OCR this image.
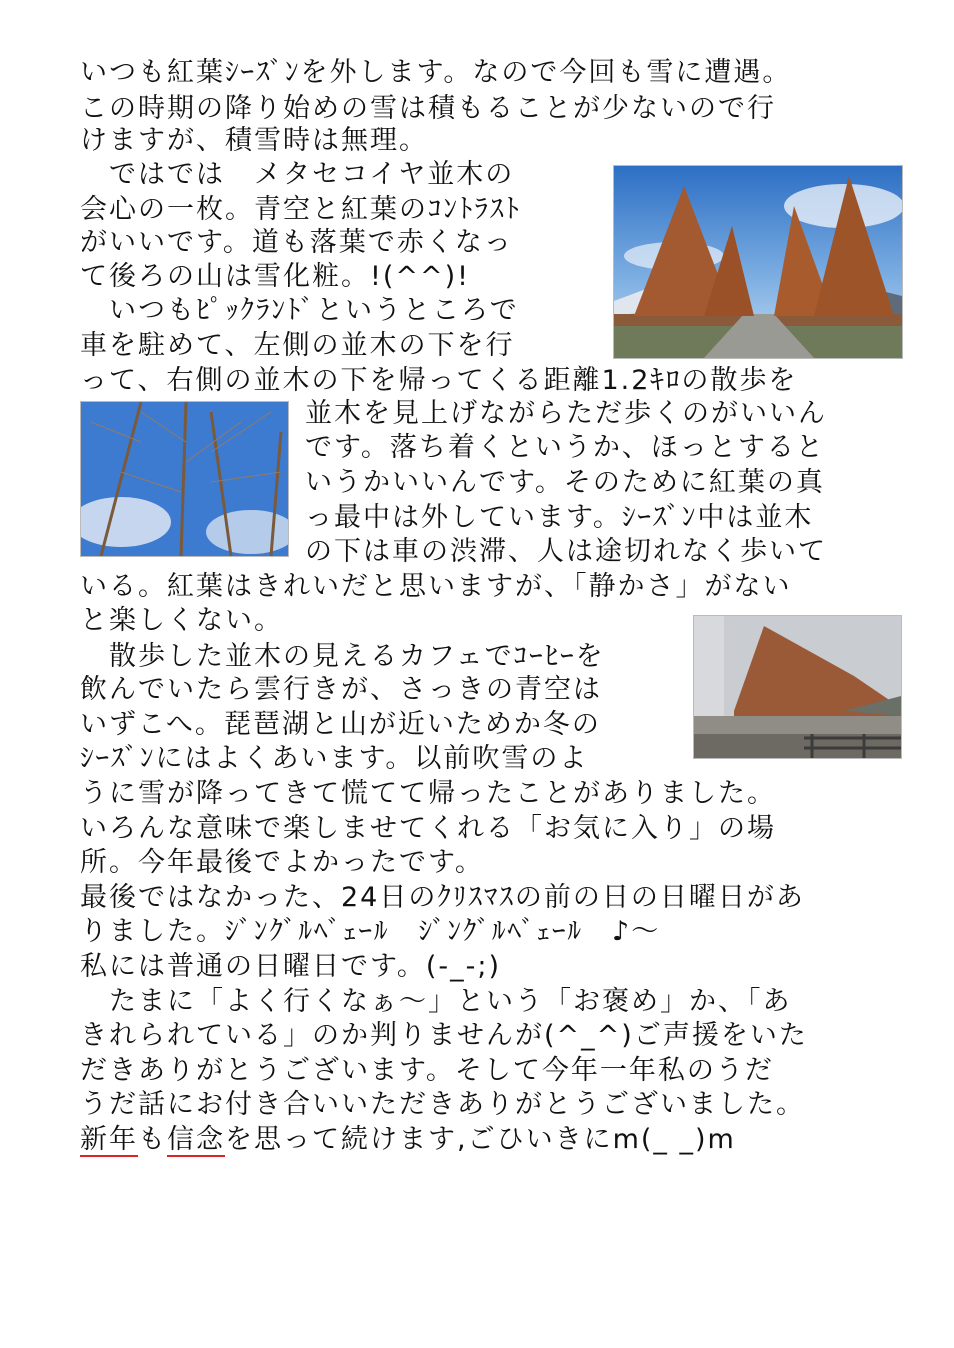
いつも紅葉ｼｰｽﾞﾝを外します。なので今回も雪に遭遇。
この時期の降り始めの雪は積もることが少ないので行
けますが、積雪時は無理。
　ではでは　メタセコイヤ並木の
会心の一枚。青空と紅葉のｺﾝﾄﾗｽﾄ
がいいです。道も落葉で赤くなっ
て後ろの山は雪化粧。!(^^)!
　いつもﾋﾟｯｸﾗﾝﾄﾞというところで
車を駐めて、左側の並木の下を行
って、右側の並木の下を帰ってくる距離1.2ｷﾛの散歩を
並木を見上げながらただ歩くのがいいん
です。落ち着くというか、ほっとすると
いうかいいんです。そのために紅葉の真
っ最中は外しています。ｼｰｽﾞﾝ中は並木
の下は車の渋滞、人は途切れなく歩いて
いる。紅葉はきれいだと思いますが、「静かさ」がない
と楽しくない。
　散歩した並木の見えるカフェでｺｰﾋｰを
飲んでいたら雲行きが、さっきの青空は
いずこへ。琵琶湖と山が近いためか冬の
ｼｰｽﾞﾝにはよくあいます。以前吹雪のよ
うに雪が降ってきて慌てて帰ったことがありました。
いろんな意味で楽しませてくれる「お気に入り」の場
所。今年最後でよかったです。
最後ではなかった、24日のｸﾘｽﾏｽの前の日の日曜日があ
りました。ｼﾞﾝｸﾞﾙﾍﾞｪｰﾙ　ｼﾞﾝｸﾞﾙﾍﾞｪｰﾙ　♪～
私には普通の日曜日です。(-_-;)
　たまに「よく行くなぁ～」という「お褒め」か、「あ
きれられている」のか判りませんが(^_^)ご声援をいた
だきありがとうございます。そして今年一年私のうだ
うだ話にお付き合いいただきありがとうございました。
新年も信念を思って続けます,ごひいきにm(_ _)m
